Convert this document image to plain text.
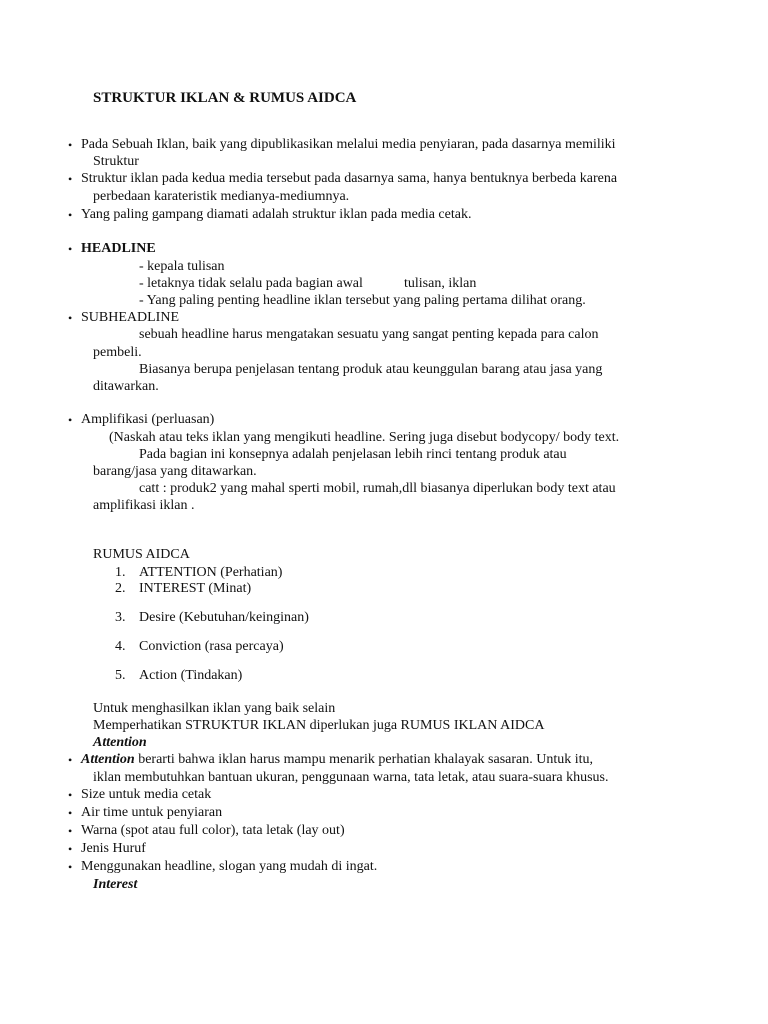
STRUKTUR IKLAN & RUMUS AIDCA
• Pada Sebuah Iklan, baik yang dipublikasikan melalui media penyiaran, pada dasarnya memiliki
Struktur
• Struktur iklan pada kedua media tersebut pada dasarnya sama, hanya bentuknya berbeda karena
perbedaan karateristik medianya-mediumnya.
• Yang paling gampang diamati adalah struktur iklan pada media cetak.
• HEADLINE
- kepala tulisan
- letaknya tidak selalu pada bagian awal	tulisan, iklan
- Yang paling penting headline iklan tersebut yang paling pertama dilihat orang.
• SUBHEADLINE
sebuah headline harus mengatakan sesuatu yang sangat penting kepada para calon
pembeli.
Biasanya berupa penjelasan tentang produk atau keunggulan barang atau jasa yang
ditawarkan.
• Amplifikasi (perluasan)
(Naskah atau teks iklan yang mengikuti headline. Sering juga disebut bodycopy/ body text.
Pada bagian ini konsepnya adalah penjelasan lebih rinci tentang produk atau
barang/jasa yang ditawarkan.
catt : produk2 yang mahal sperti mobil, rumah,dll biasanya diperlukan body text atau
amplifikasi iklan .
RUMUS AIDCA
1. ATTENTION (Perhatian)
2. INTEREST (Minat)
3. Desire (Kebutuhan/keinginan)
4. Conviction (rasa percaya)
5. Action (Tindakan)
Untuk menghasilkan iklan yang baik selain
Memperhatikan STRUKTUR IKLAN diperlukan juga RUMUS IKLAN AIDCA
Attention
• Attention berarti bahwa iklan harus mampu menarik perhatian khalayak sasaran. Untuk itu,
iklan membutuhkan bantuan ukuran, penggunaan warna, tata letak, atau suara-suara khusus.
• Size untuk media cetak
• Air time untuk penyiaran
• Warna (spot atau full color), tata letak (lay out)
• Jenis Huruf
• Menggunakan headline, slogan yang mudah di ingat.
Interest
